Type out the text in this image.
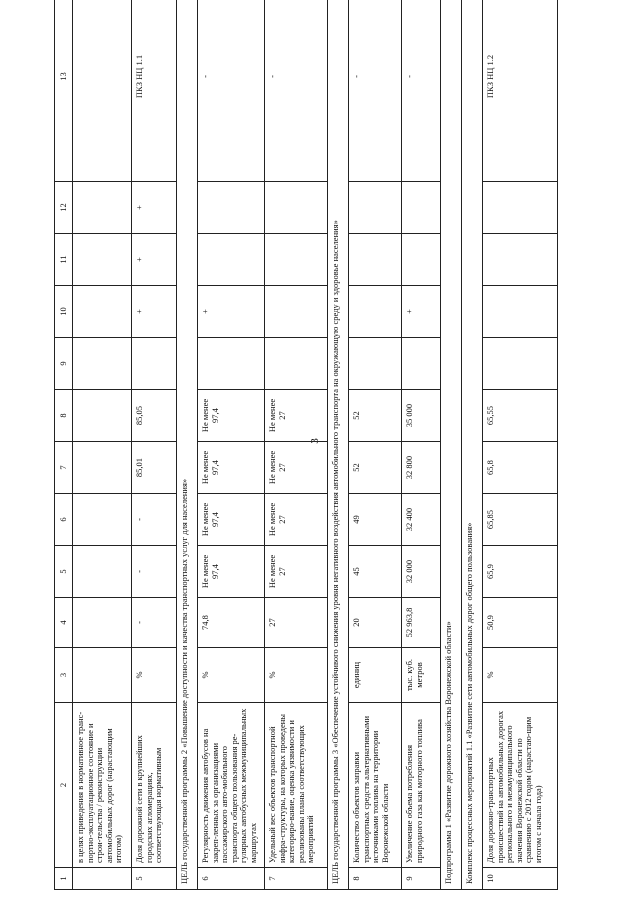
3
1	2	3	4	5	6	7	8	9	10	11	12	13
	в целях приведения в нормативное транс-портно-эксплуатационное состояние и строи-тельства / реконструкции автомобильных дорог (нарастающим итогом)											
5	Доля дорожной сети в крупнейших городских агломерациях, соответствующая нормативным	%	-	-	-	85,01	85,05		+	+	+	ПКЗ НЦ 1.1
ЦЕЛЬ государственной программы 2 «Повышение доступности и качества транспортных услуг для населения»												
6	Регулярность движения автобусов на закреп-ленных за организациями пассажирского авто-мобильного транспорта общего пользования ре-гулярных автобусных межмуниципальных маршрутах	%	74,8	Не менее 97,4	Не менее 97,4	Не менее 97,4	Не менее 97,4		+			-
7	Удельный вес объектов транспортной инфра-структуры, на которых проведены категориро-вание, оценка уязвимости и реализованы планы соответствующих мероприятий	%	27	Не менее 27	Не менее 27	Не менее 27	Не менее 27					-
ЦЕЛЬ государственной программы 3 «Обеспечение устойчивого снижения уровня негативного воздействия автомобильного транспорта на окружающую среду и здоровье населения»												
8	Количество объектов заправки транспортных средств альтернативными источниками топлива на территории Воронежской области	единиц	20	45	49	52	52					-
9	Увеличение объема потребления природного газа как моторного топлива	тыс. куб. метров	52 963,8	32 000	32 400	32 800	35 000		+			-
Подпрограмма 1 «Развитие дорожного хозяйства Воронежской области»												
Комплекс процессных мероприятий 1.1 «Развитие сети автомобильных дорог общего пользования»												
10	Доля дорожно-транспортных происшествий на автомобильных дорогах регионального и межмуниципального значения Воронежской области по сравнению с 2012 годом (нарастаю-щим итогом с начала года)	%	50,9	65,9	65,85	65,8	65,55					ПКЗ НЦ 1.2
